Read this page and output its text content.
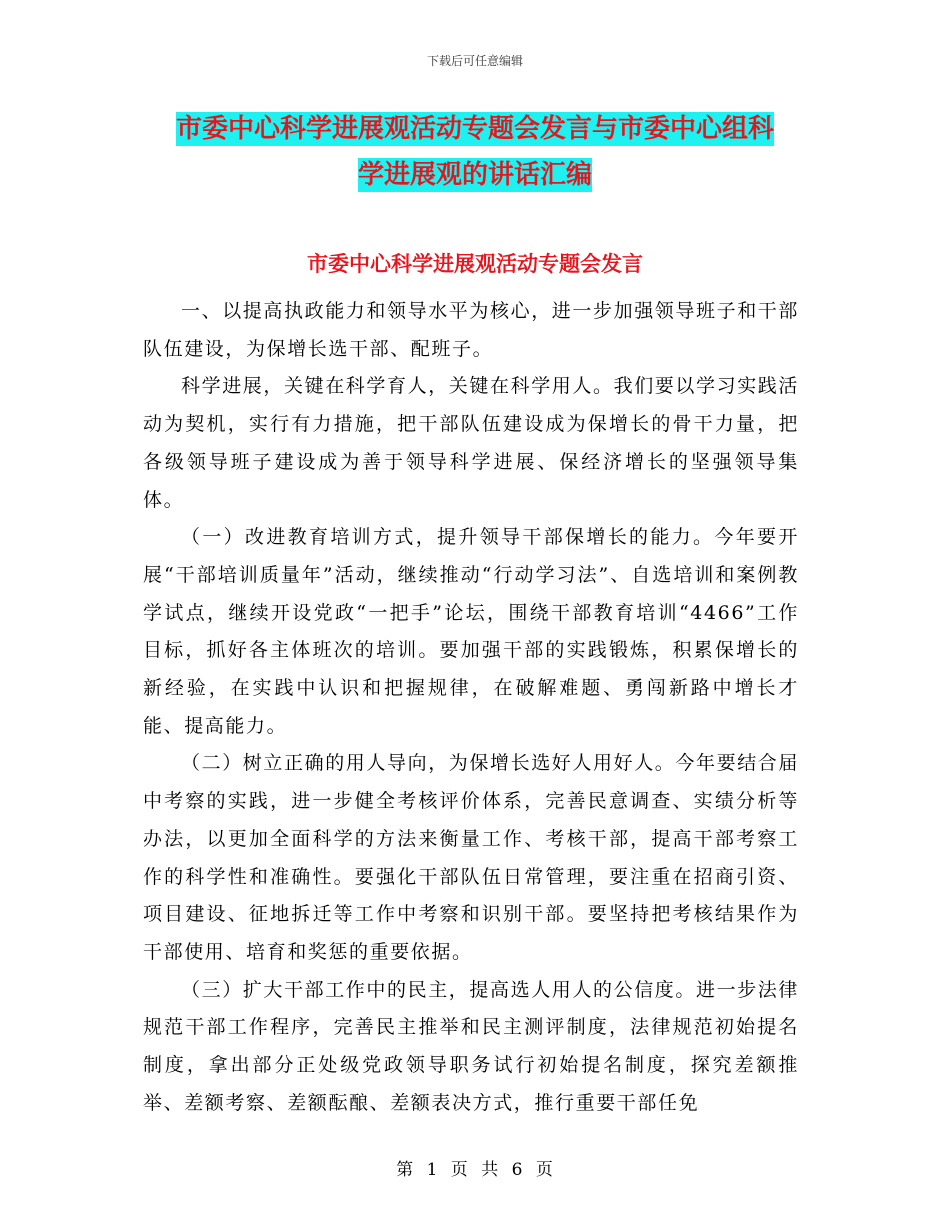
下载后可任意编辑
市委中心科学进展观活动专题会发言与市委中心组科
学进展观的讲话汇编
市委中心科学进展观活动专题会发言

一、以提高执政能力和领导水平为核心，进一步加强领导班子和干部队伍建设，为保增长选干部、配班子。

科学进展，关键在科学育人，关键在科学用人。我们要以学习实践活动为契机，实行有力措施，把干部队伍建设成为保增长的骨干力量，把各级领导班子建设成为善于领导科学进展、保经济增长的坚强领导集体。

（一）改进教育培训方式，提升领导干部保增长的能力。今年要开展“干部培训质量年”活动，继续推动“行动学习法”、自选培训和案例教学试点，继续开设党政“一把手”论坛，围绕干部教育培训“4466”工作目标，抓好各主体班次的培训。要加强干部的实践锻炼，积累保增长的新经验，在实践中认识和把握规律，在破解难题、勇闯新路中增长才能、提高能力。

（二）树立正确的用人导向，为保增长选好人用好人。今年要结合届中考察的实践，进一步健全考核评价体系，完善民意调查、实绩分析等办法，以更加全面科学的方法来衡量工作、考核干部，提高干部考察工作的科学性和准确性。要强化干部队伍日常管理，要注重在招商引资、项目建设、征地拆迁等工作中考察和识别干部。要坚持把考核结果作为干部使用、培育和奖惩的重要依据。

（三）扩大干部工作中的民主，提高选人用人的公信度。进一步法律规范干部工作程序，完善民主推举和民主测评制度，法律规范初始提名制度，拿出部分正处级党政领导职务试行初始提名制度，探究差额推举、差额考察、差额酝酿、差额表决方式，推行重要干部任免

第 1 页 共 6 页
